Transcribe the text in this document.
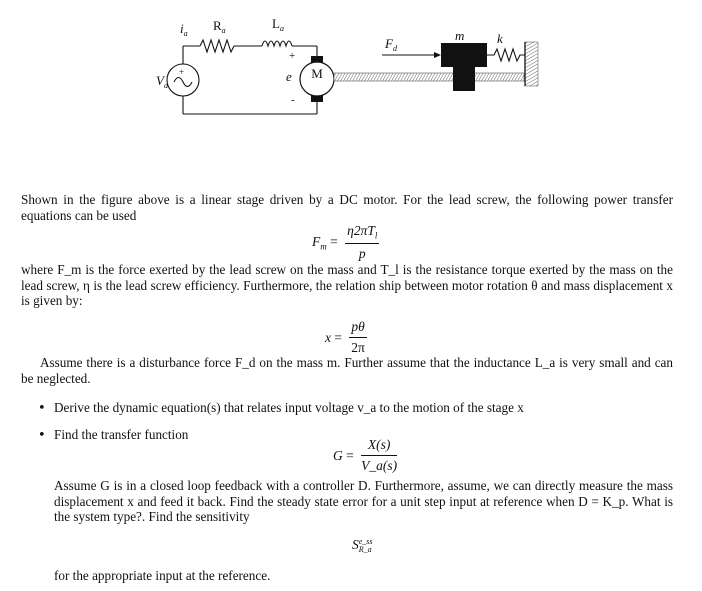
$i_a$
$R_a$	$L_a$
+
e
-
M
$V_a$
+
$F_d$
m	k
Shown in the figure above is a linear stage driven by a DC motor. For the lead screw, the following power transfer equations can be used
$F_m = \frac{\eta 2\pi T_l}{p}$
where F_m is the force exerted by the lead screw on the mass and T_l is the resistance torque exerted by the mass on the lead screw, η is the lead screw efficiency. Furthermore, the relation ship between motor rotation θ and mass displacement x is given by:
$x = \frac{p\theta}{2\pi}$
Assume there is a disturbance force F_d on the mass m. Further assume that the inductance L_a is very small and can be neglected.
• Derive the dynamic equation(s) that relates input voltage v_a to the motion of the stage x
• Find the transfer function
$G = \frac{X(s)}{V\_a(s)}$
Assume G is in a closed loop feedback with a controller D. Furthermore, assume, we can directly measure the mass displacement x and feed it back. Find the steady state error for a unit step input at reference when D = K_p. What is the system type?. Find the sensitivity
S e_ss
R_a
for the appropriate input at the reference.
